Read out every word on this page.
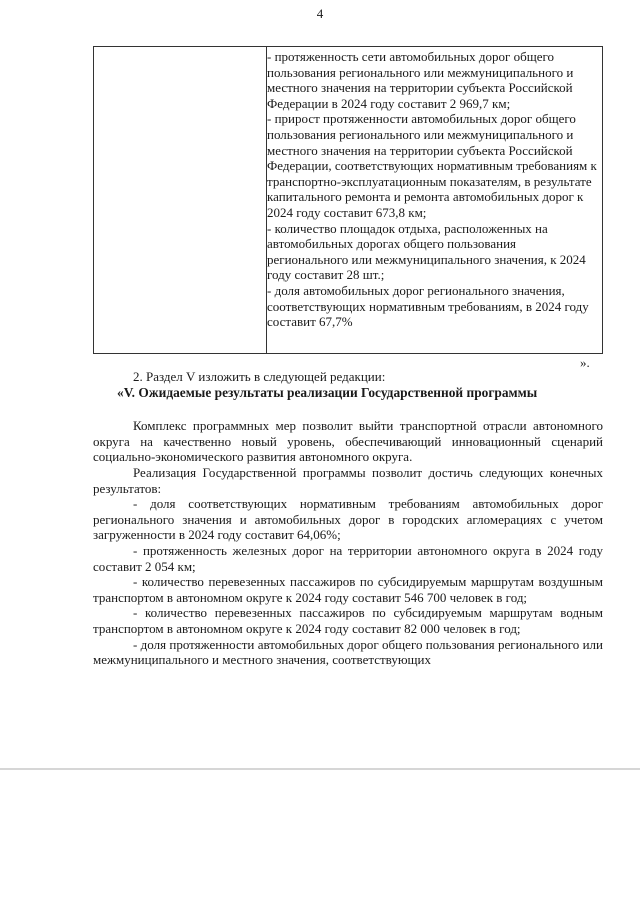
4

- протяженность сети автомобильных дорог общего пользования регионального или межмуниципального и местного значения на территории субъекта Российской Федерации в 2024 году составит 2 969,7 км;

- прирост протяженности автомобильных дорог общего пользования регионального или межмуниципального и местного значения на территории субъекта Российской Федерации, соответствующих нормативным требованиям к транспортно-эксплуатационным показателям, в результате капитального ремонта и ремонта автомобильных дорог к 2024 году составит 673,8 км;

- количество площадок отдыха, расположенных на автомобильных дорогах общего пользования регионального или межмуниципального значения, к 2024 году составит 28 шт.;

- доля автомобильных дорог регионального значения, соответствующих нормативным требованиям, в 2024 году составит 67,7%

».

2. Раздел V изложить в следующей редакции:

«V. Ожидаемые результаты реализации Государственной программы

Комплекс программных мер позволит выйти транспортной отрасли автономного округа на качественно новый уровень, обеспечивающий инновационный сценарий социально-экономического развития автономного округа.

Реализация Государственной программы позволит достичь следующих конечных результатов:

- доля соответствующих нормативным требованиям автомобильных дорог регионального значения и автомобильных дорог в городских агломерациях с учетом загруженности в 2024 году составит 64,06%;

- протяженность железных дорог на территории автономного округа в 2024 году составит 2 054 км;

- количество перевезенных пассажиров по субсидируемым маршрутам воздушным транспортом в автономном округе к 2024 году составит 546 700 человек в год;

- количество перевезенных пассажиров по субсидируемым маршрутам водным транспортом в автономном округе к 2024 году составит 82 000 человек в год;

- доля протяженности автомобильных дорог общего пользования регионального или межмуниципального и местного значения, соответствующих
